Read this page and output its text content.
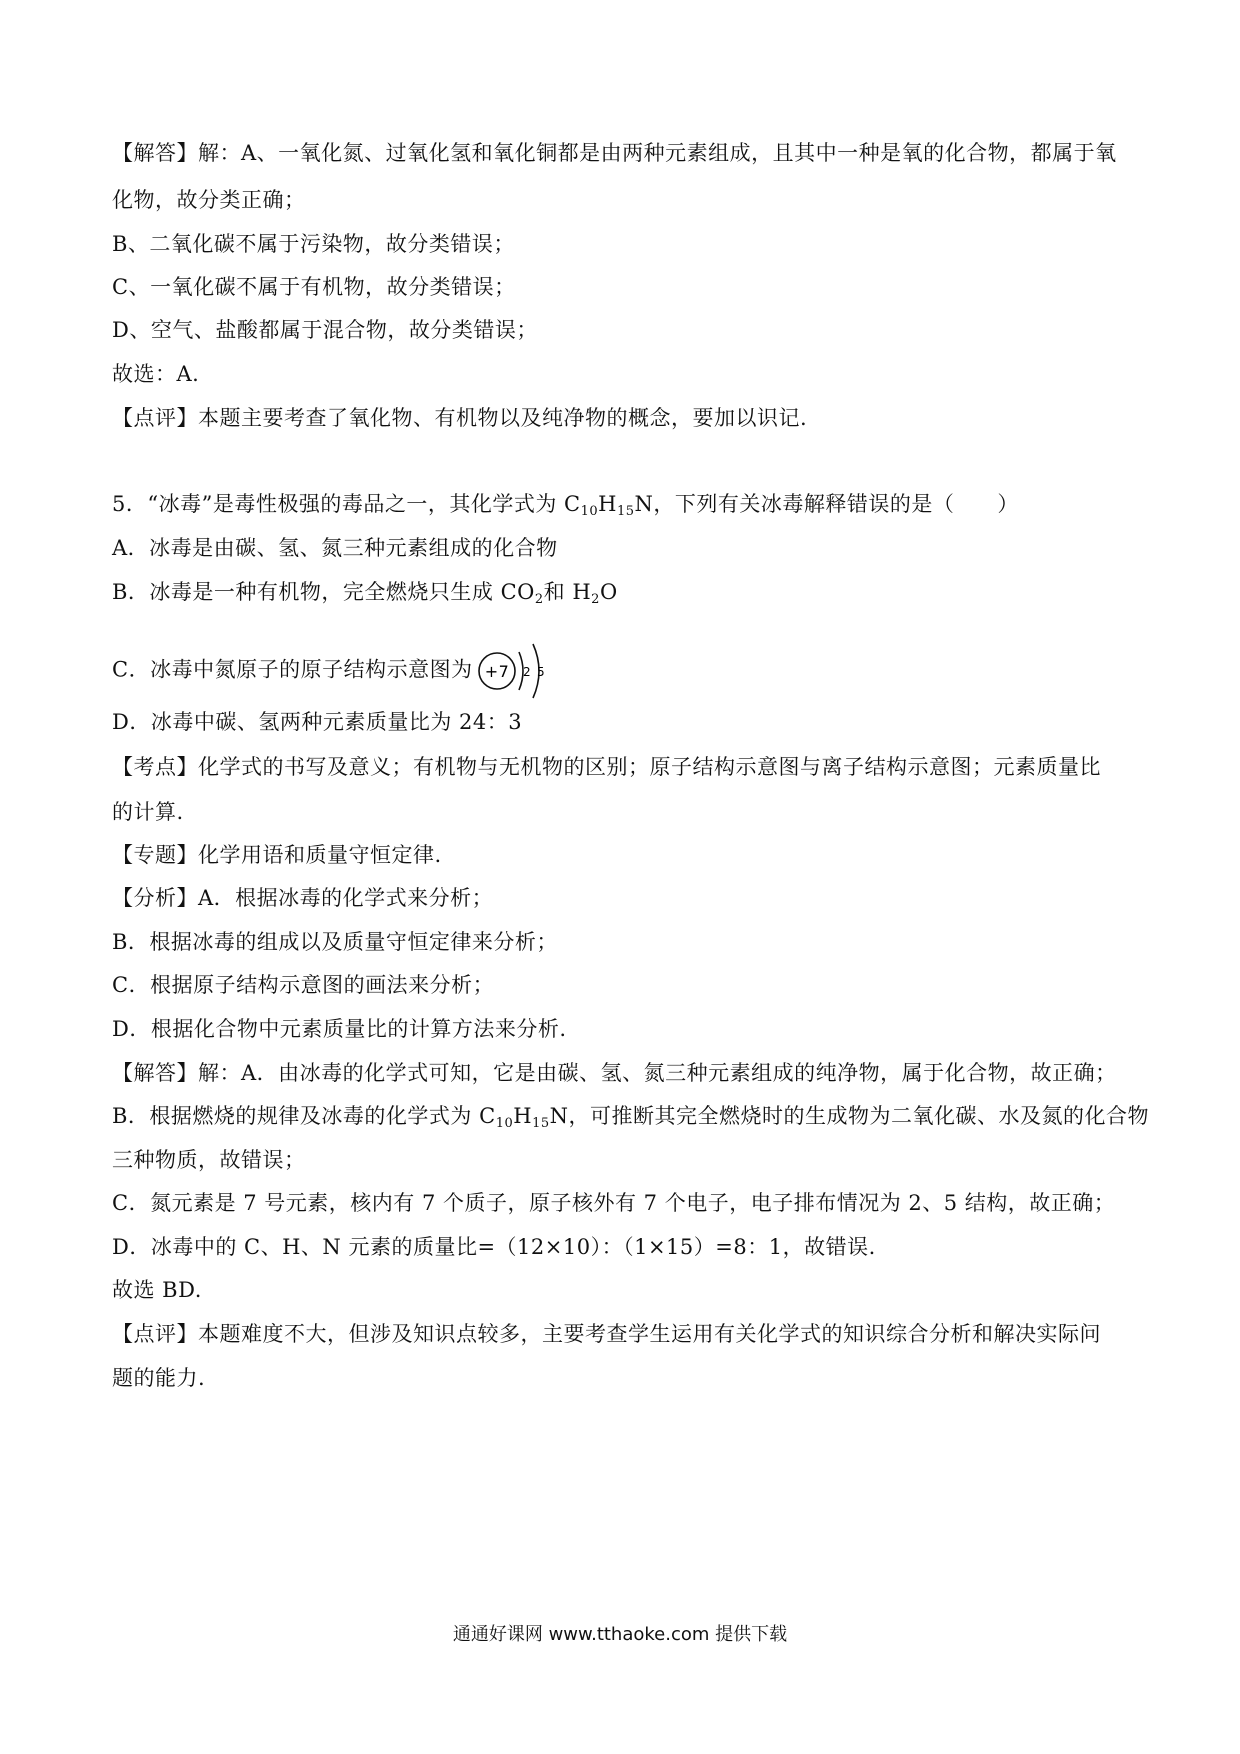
【解答】解：A、一氧化氮、过氧化氢和氧化铜都是由两种元素组成，且其中一种是氧的化合物，都属于氧
化物，故分类正确；
B、二氧化碳不属于污染物，故分类错误；
C、一氧化碳不属于有机物，故分类错误；
D、空气、盐酸都属于混合物，故分类错误；
故选：A.
【点评】本题主要考查了氧化物、有机物以及纯净物的概念，要加以识记.
5．“冰毒”是毒性极强的毒品之一，其化学式为 $C_{10}H_{15}N$，下列有关冰毒解释错误的是（　　）
A．冰毒是由碳、氢、氮三种元素组成的化合物
B．冰毒是一种有机物，完全燃烧只生成 $CO_2$和 $H_2O$
C．冰毒中氮原子的原子结构示意图为 +7 2 5
D．冰毒中碳、氢两种元素质量比为 24：3
【考点】化学式的书写及意义；有机物与无机物的区别；原子结构示意图与离子结构示意图；元素质量比
的计算.
【专题】化学用语和质量守恒定律.
【分析】A．根据冰毒的化学式来分析；
B．根据冰毒的组成以及质量守恒定律来分析；
C．根据原子结构示意图的画法来分析；
D．根据化合物中元素质量比的计算方法来分析.
【解答】解：A．由冰毒的化学式可知，它是由碳、氢、氮三种元素组成的纯净物，属于化合物，故正确；
B．根据燃烧的规律及冰毒的化学式为 $C_{10}H_{15}N$，可推断其完全燃烧时的生成物为二氧化碳、水及氮的化合物
三种物质，故错误；
C．氮元素是 7 号元素，核内有 7 个质子，原子核外有 7 个电子，电子排布情况为 2、5 结构，故正确；
D．冰毒中的 C、H、N 元素的质量比=（12×10）：（1×15）=8：1，故错误.
故选 BD.
【点评】本题难度不大，但涉及知识点较多，主要考查学生运用有关化学式的知识综合分析和解决实际问
题的能力.
通通好课网 www.tthaoke.com 提供下载
